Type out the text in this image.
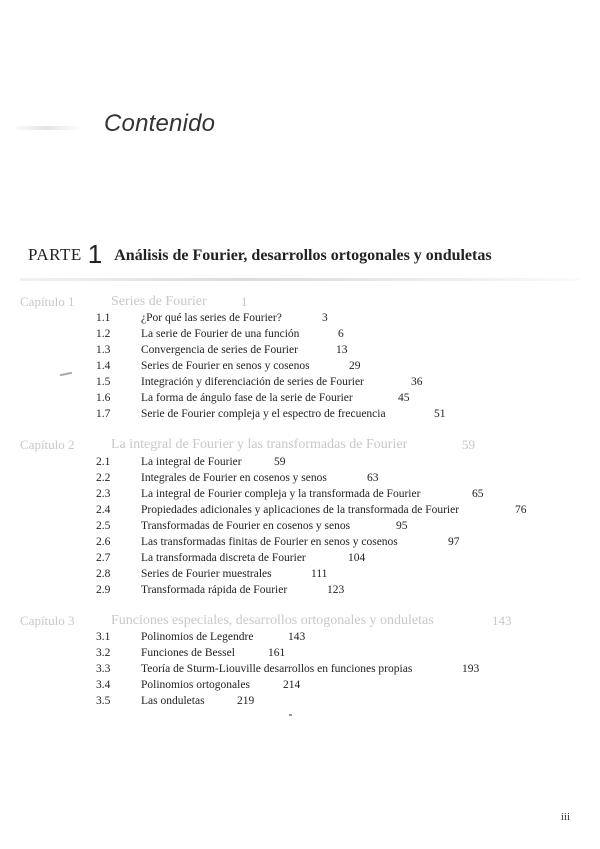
Contenido
PARTE 1 Análisis de Fourier, desarrollos ortogonales y onduletas
Capítulo 1	Series de Fourier	1
1.1	¿Por qué las series de Fourier?	3
1.2	La serie de Fourier de una función	6
1.3	Convergencia de series de Fourier	13
1.4	Series de Fourier en senos y cosenos	29
1.5	Integración y diferenciación de series de Fourier	36
1.6	La forma de ángulo fase de la serie de Fourier	45
1.7	Serie de Fourier compleja y el espectro de frecuencia	51
Capítulo 2	La integral de Fourier y las transformadas de Fourier	59
2.1	La integral de Fourier	59
2.2	Integrales de Fourier en cosenos y senos	63
2.3	La integral de Fourier compleja y la transformada de Fourier	65
2.4	Propiedades adicionales y aplicaciones de la transformada de Fourier	76
2.5	Transformadas de Fourier en cosenos y senos	95
2.6	Las transformadas finitas de Fourier en senos y cosenos	97
2.7	La transformada discreta de Fourier	104
2.8	Series de Fourier muestrales	111
2.9	Transformada rápida de Fourier	123
Capítulo 3	Funciones especiales, desarrollos ortogonales y onduletas	143
3.1	Polinomios de Legendre	143
3.2	Funciones de Bessel	161
3.3	Teoría de Sturm-Liouville desarrollos en funciones propias	193
3.4	Polinomios ortogonales	214
3.5	Las onduletas	219
iii
